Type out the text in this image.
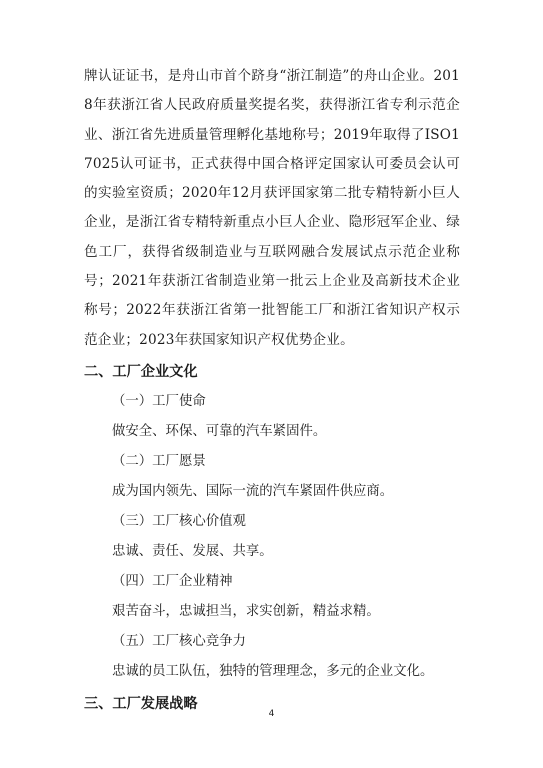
牌认证证书，是舟山市首个跻身“浙江制造”的舟山企业。2018年获浙江省人民政府质量奖提名奖，获得浙江省专利示范企业、浙江省先进质量管理孵化基地称号；2019年取得了ISO17025认可证书，正式获得中国合格评定国家认可委员会认可的实验室资质；2020年12月获评国家第二批专精特新小巨人企业，是浙江省专精特新重点小巨人企业、隐形冠军企业、绿色工厂，获得省级制造业与互联网融合发展试点示范企业称号；2021年获浙江省制造业第一批云上企业及高新技术企业称号；2022年获浙江省第一批智能工厂和浙江省知识产权示范企业；2023年获国家知识产权优势企业。

二、工厂企业文化
（一）工厂使命
做安全、环保、可靠的汽车紧固件。
（二）工厂愿景
成为国内领先、国际一流的汽车紧固件供应商。
（三）工厂核心价值观
忠诚、责任、发展、共享。
（四）工厂企业精神
艰苦奋斗，忠诚担当，求实创新，精益求精。
（五）工厂核心竞争力
忠诚的员工队伍，独特的管理理念，多元的企业文化。
三、工厂发展战略
4
